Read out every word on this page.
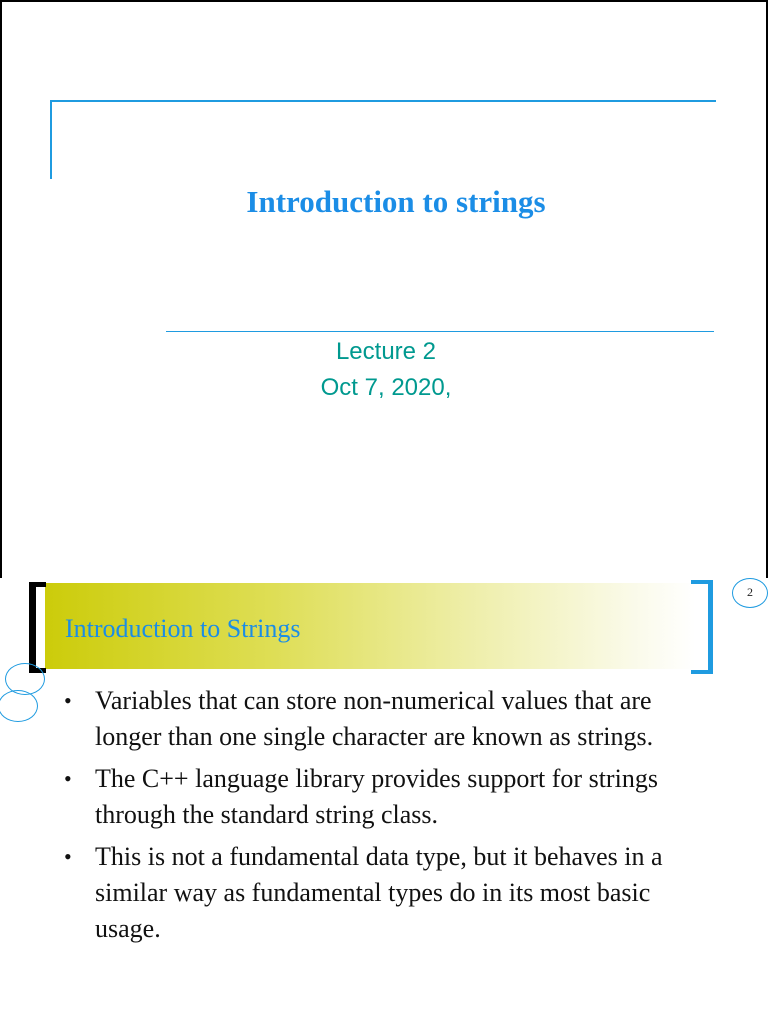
Introduction to strings
Lecture 2
Oct 7, 2020,
Introduction to Strings
2
• Variables that can store non-numerical values that are longer than one single character are known as strings.
• The C++ language library provides support for strings through the standard string class.
• This is not a fundamental data type, but it behaves in a similar way as fundamental types do in its most basic usage.
